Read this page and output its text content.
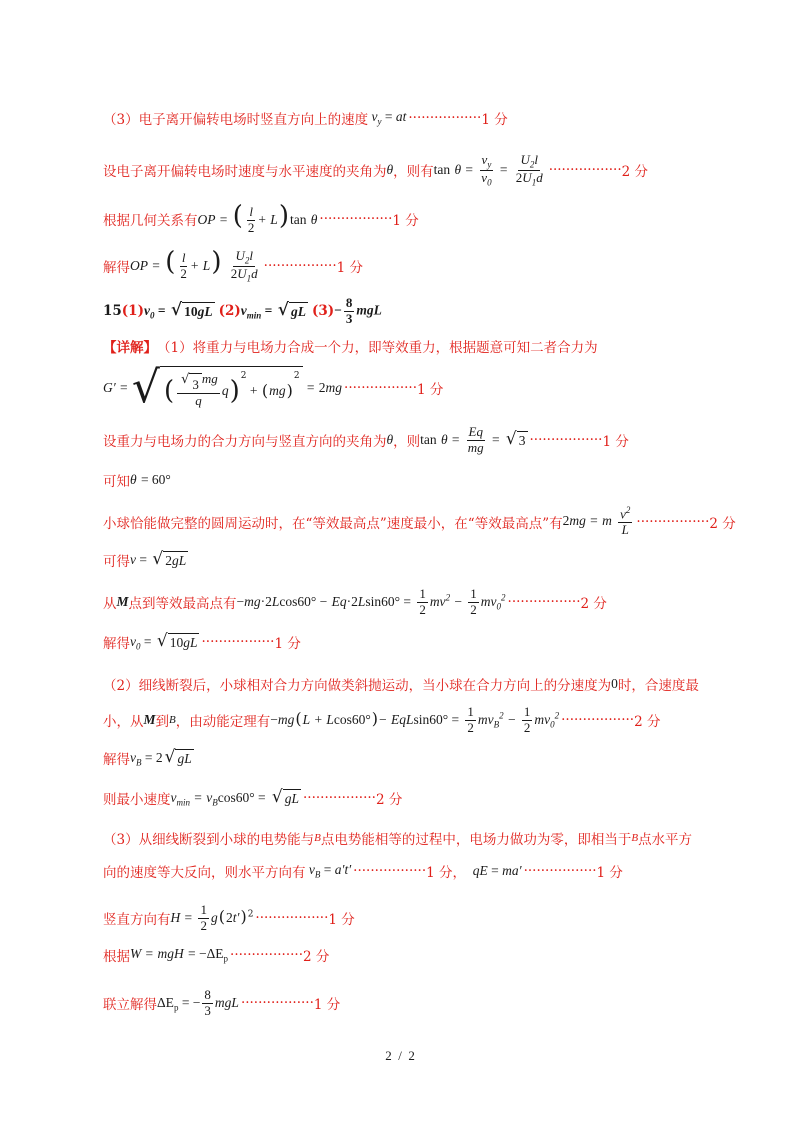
（3） 电子离开偏转电场时竖直方向上的速度 $v_y$ = at ················· 1 分
设电子离开偏转电场时速度与水平速度的夹角为 θ ，则有 $\tan \theta = \frac{v_y}{v_0} = \frac{U_2l}{2U_1d}$ ················· 2 分
根据几何关系有 OP = ( $\frac{l}{2} + L)\tan$ θ ················· 1 分
解得 OP = ( $\frac{l}{2} + L) \frac{U_2l}{2U_1d}$ ················· 1 分
15 (1) $v_0$ = √ 10gL (2) $v_{min}$ = √ gL $(3) - \frac{8}{3}$ mgL
【详解】 （1）将重力与电场力合成一个力，即等效重力，根据题意可知二者合力为
G′
=
√ ( $\frac{√ 3 mg}{q}$ q )$^2$
+ ( mg )
2

=
2 mg ················· 1 分
设重力与电场力的合力方向与竖直方向的夹角为 θ ，则 $\tan \theta = \frac{Eq}{mg}$ = √ 3 ················· 1 分
可知 θ = 60°
小球恰能做完整的圆周运动时，在“等效最高点”速度最小，在“等效最高点”有 2mg = m $\frac{v^2}{L}$ ················· 2 分
可得 v = √ 2gL
从 M 点到等效最高点有 $-mg\cdot 2Lcos60^\circ - Eq\cdot 2Lsin60^\circ = \frac{1}{2} mv^2 - \frac{1}{2} mv_0^2$ ················· 2 分
解得 $v_0$ = √ 10gL ················· 1 分
（2）细线断裂后，小球相对合力方向做类斜抛运动，当小球在合力方向上的分速度为 0 时，合速度最
小，从 M 到 B ，由动能定理有 $-mg(L + Lcos60^\circ)- EqLsin60^\circ = \frac{1}{2} mv_B^2 - \frac{1}{2} mv_0^2$ ················· 2 分
解得 $v_B = 2$ √ gL
则最小速度 $v_{min} = v_B\cos 60^\circ$ = √ gL ················· 2 分
（3）从细线断裂到小球的电势能与 B 点电势能相等的过程中，电场力做功为零，即相当于 B 点水平方
向的速度等大反向，则水平方向有 $v_B = a't'$ ················· 1 分， qE = ma′ ················· 1 分
竖直方向有 $H = \frac{1}{2} g(2t')^2$ ················· 1 分
根据 W = mgH = $-\Delta E_p$ ················· 2 分
联立解得 $\Delta E_p$ = − $\frac{8}{3}$ mgL ················· 1 分
2 / 2
